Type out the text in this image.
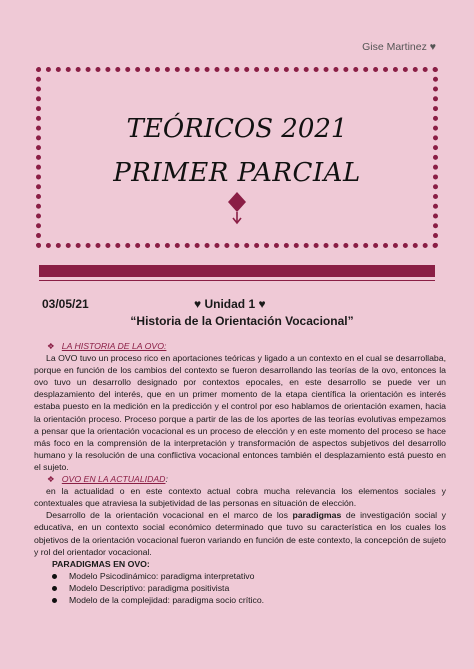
Gise Martinez ♥
TEÓRICOS 2021
PRIMER PARCIAL
03/05/21	♥ Unidad 1 ♥
“Historia de la Orientación Vocacional”
❖ LA HISTORIA DE LA OVO:

La OVO tuvo un proceso rico en aportaciones teóricas y ligado a un contexto en el cual se desarrollaba, porque en función de los cambios del contexto se fueron desarrollando las teorías de la ovo, entonces la ovo tuvo un desarrollo designado por contextos epocales, en este desarrollo se puede ver un desplazamiento del interés, que en un primer momento de la etapa científica la orientación es interés estaba puesto en la medición en la predicción y el control por eso hablamos de orientación examen, hacia la orientación proceso. Proceso porque a partir de las de los aportes de las teorías evolutivas empezamos a pensar que la orientación vocacional es un proceso de elección y en este momento del proceso se hace más foco en la comprensión de la interpretación y transformación de aspectos subjetivos del desarrollo humano y la resolución de una conflictiva vocacional entonces también el desplazamiento está puesto en el sujeto.

❖ OVO EN LA ACTUALIDAD :

en la actualidad o en este contexto actual cobra mucha relevancia los elementos sociales y contextuales que atraviesa la subjetividad de las personas en situación de elección.

Desarrollo de la orientación vocacional en el marco de los paradigmas de investigación social y educativa, en un contexto social económico determinado que tuvo su característica en los cuales los objetivos de la orientación vocacional fueron variando en función de este contexto, la concepción de sujeto y rol del orientador vocacional.

PARADIGMAS EN OVO:
Modelo Psicodinámico: paradigma interpretativo
Modelo Descriptivo: paradigma positivista
Modelo de la complejidad: paradigma socio crítico.
